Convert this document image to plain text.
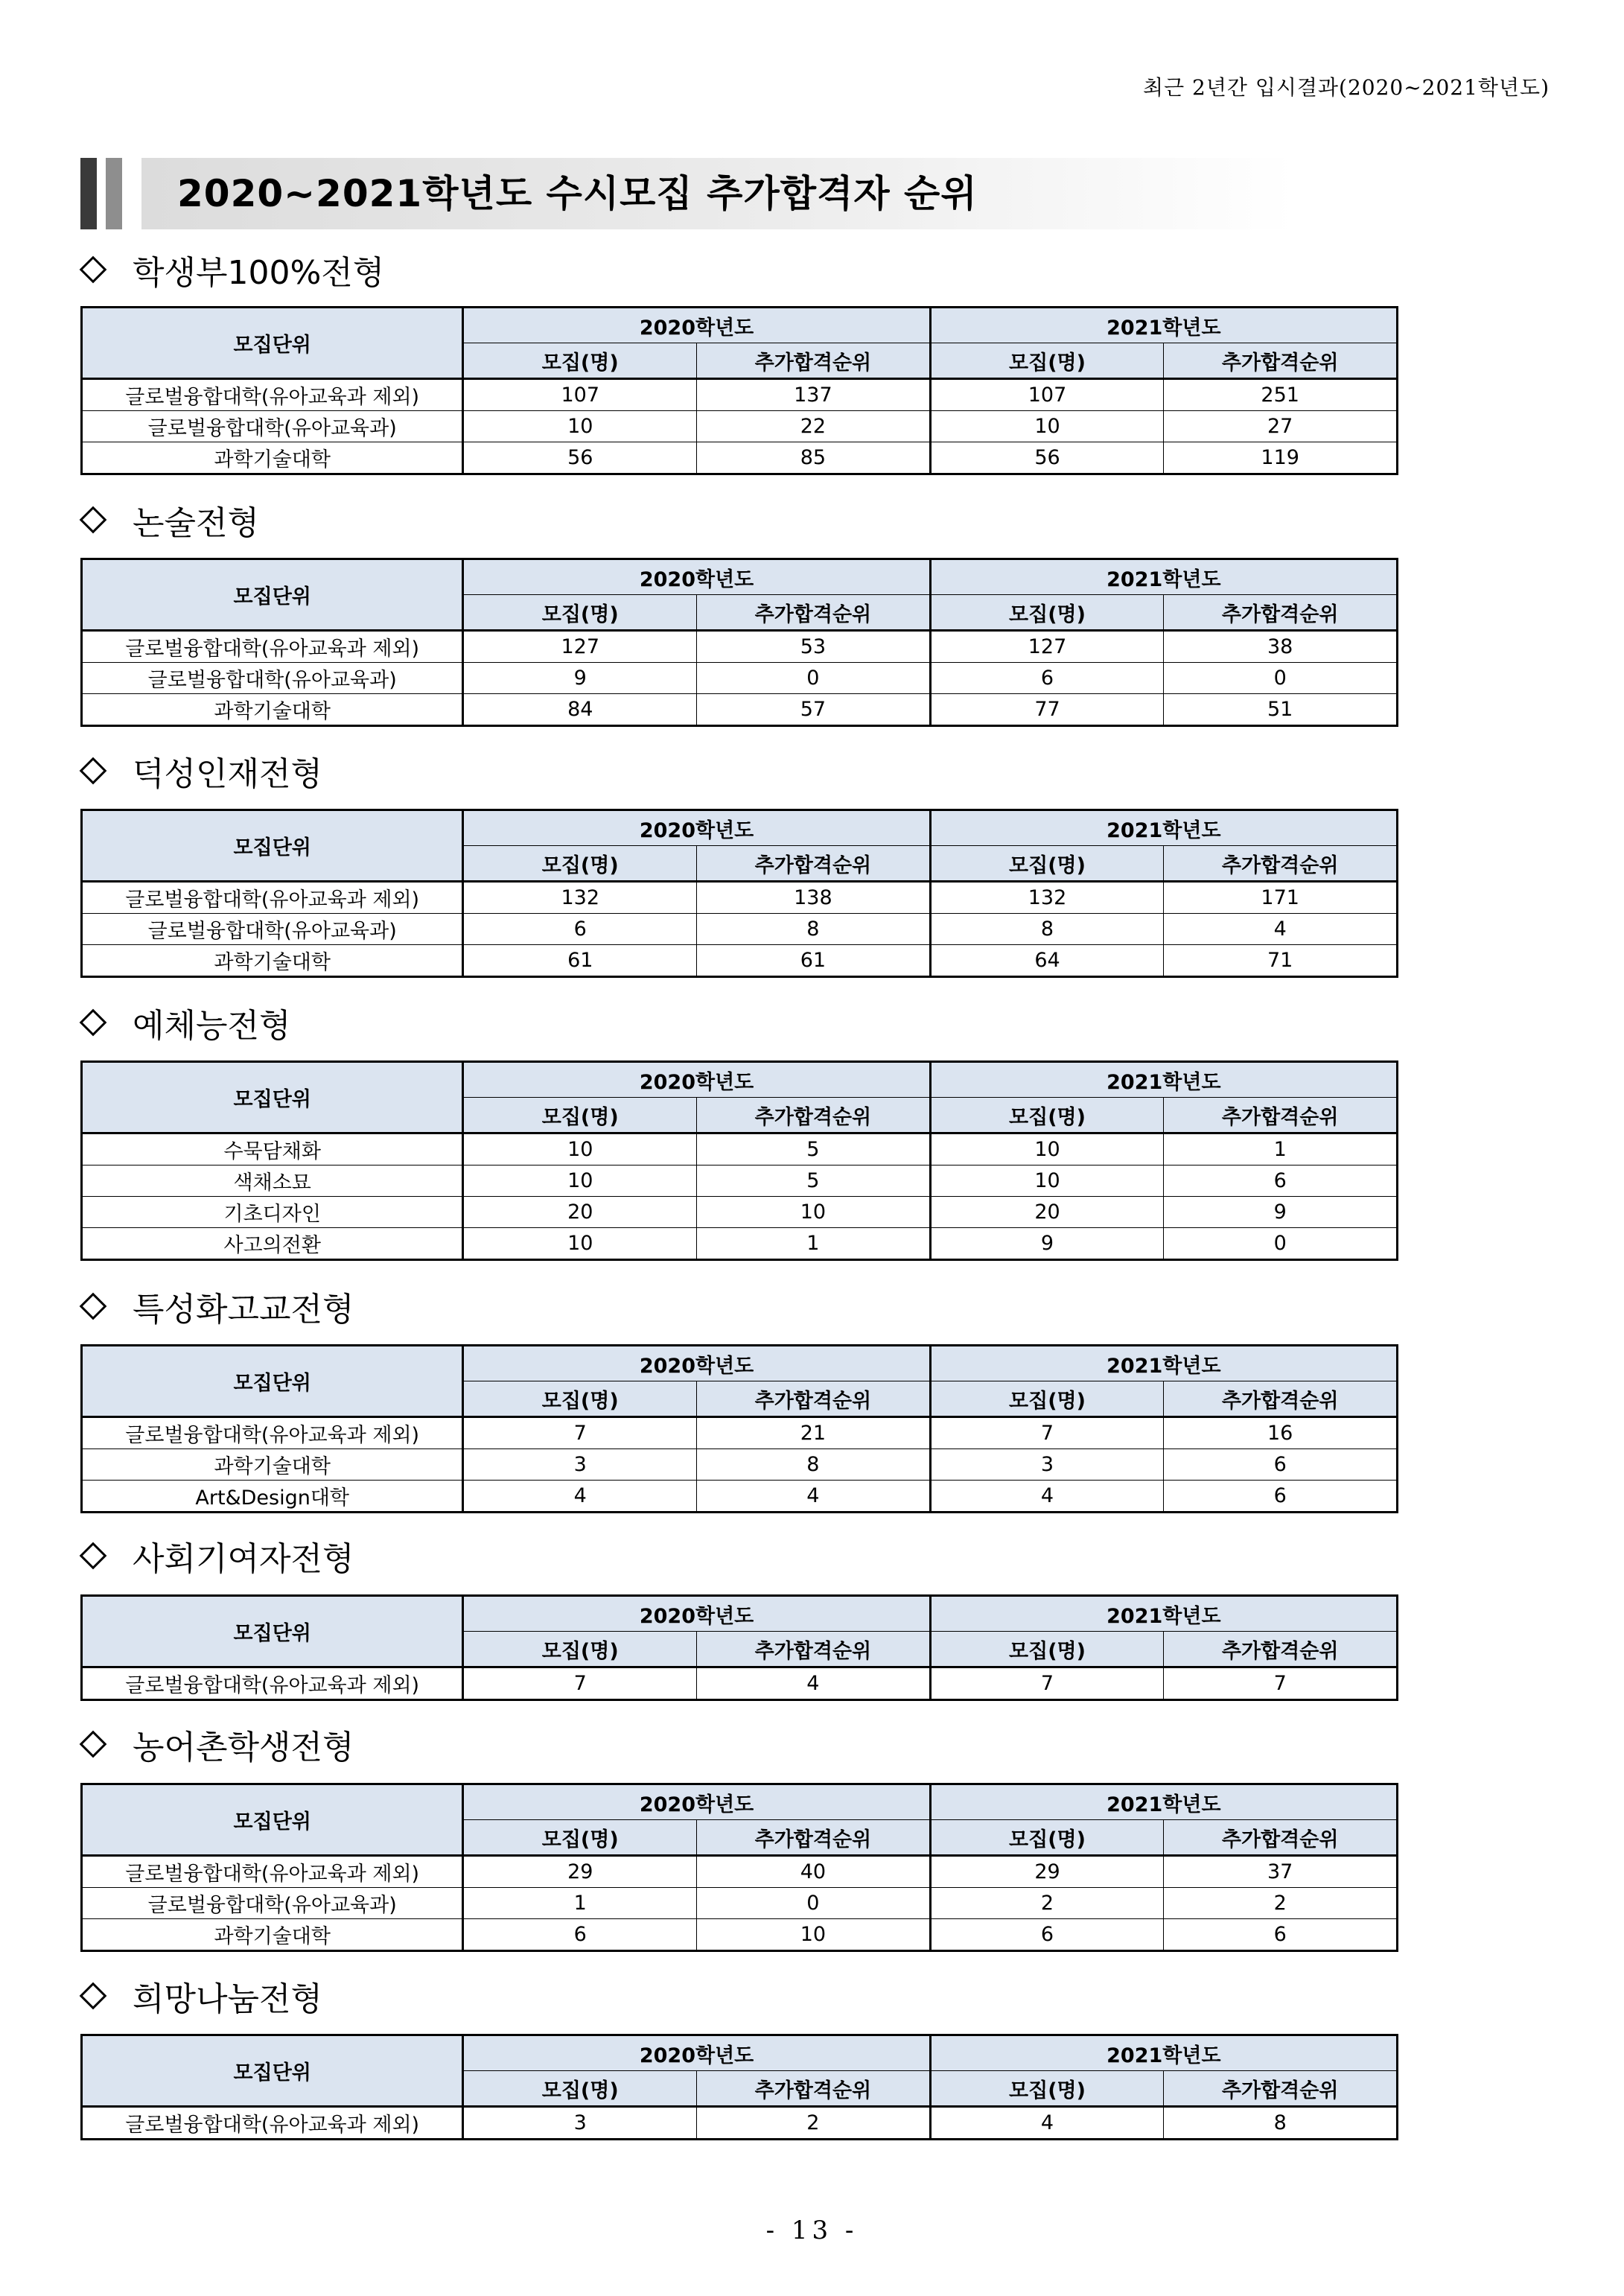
최근 2년간 입시결과(2020~2021학년도)
2020~2021학년도 수시모집 추가합격자 순위
학생부100%전형
모집단위	2020학년도		2021학년도	
	모집(명)	추가합격순위	모집(명)	추가합격순위
글로벌융합대학(유아교육과 제외)	107	137	107	251
글로벌융합대학(유아교육과)	10	22	10	27
과학기술대학	56	85	56	119
논술전형
모집단위	2020학년도		2021학년도	
	모집(명)	추가합격순위	모집(명)	추가합격순위
글로벌융합대학(유아교육과 제외)	127	53	127	38
글로벌융합대학(유아교육과)	9	0	6	0
과학기술대학	84	57	77	51
덕성인재전형
모집단위	2020학년도		2021학년도	
	모집(명)	추가합격순위	모집(명)	추가합격순위
글로벌융합대학(유아교육과 제외)	132	138	132	171
글로벌융합대학(유아교육과)	6	8	8	4
과학기술대학	61	61	64	71
예체능전형
모집단위	2020학년도		2021학년도	
	모집(명)	추가합격순위	모집(명)	추가합격순위
수묵담채화	10	5	10	1
색채소묘	10	5	10	6
기초디자인	20	10	20	9
사고의전환	10	1	9	0
특성화고교전형
모집단위	2020학년도		2021학년도	
	모집(명)	추가합격순위	모집(명)	추가합격순위
글로벌융합대학(유아교육과 제외)	7	21	7	16
과학기술대학	3	8	3	6
Art&Design대학	4	4	4	6
사회기여자전형
모집단위	2020학년도		2021학년도	
	모집(명)	추가합격순위	모집(명)	추가합격순위
글로벌융합대학(유아교육과 제외)	7	4	7	7
농어촌학생전형
모집단위	2020학년도		2021학년도	
	모집(명)	추가합격순위	모집(명)	추가합격순위
글로벌융합대학(유아교육과 제외)	29	40	29	37
글로벌융합대학(유아교육과)	1	0	2	2
과학기술대학	6	10	6	6
희망나눔전형
모집단위	2020학년도		2021학년도	
	모집(명)	추가합격순위	모집(명)	추가합격순위
글로벌융합대학(유아교육과 제외)	3	2	4	8
- 13 -
